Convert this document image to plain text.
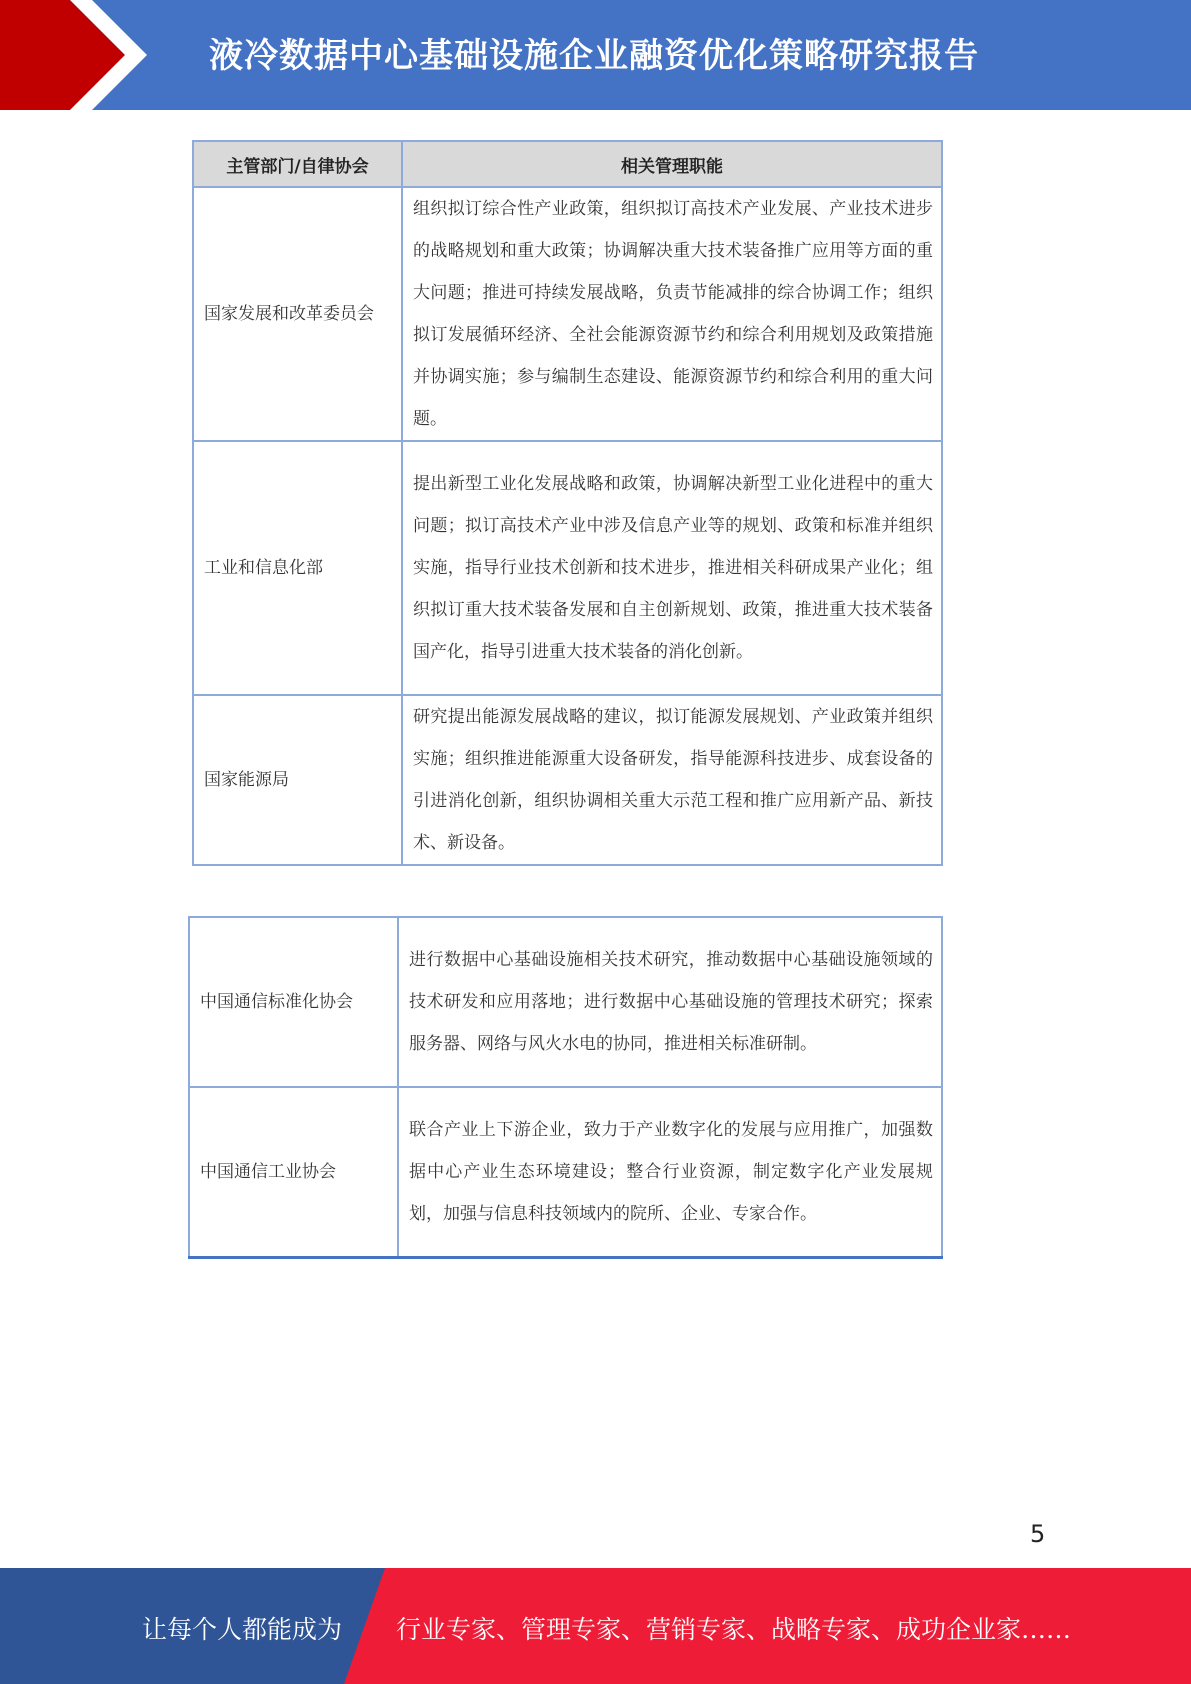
液冷数据中心基础设施企业融资优化策略研究报告
主管部门/自律协会	相关管理职能
国家发展和改革委员会	组织拟订综合性产业政策，组织拟订高技术产业发展、产业技术进步的战略规划和重大政策；协调解决重大技术装备推广应用等方面的重大问题；推进可持续发展战略，负责节能减排的综合协调工作；组织拟订发展循环经济、全社会能源资源节约和综合利用规划及政策措施并协调实施；参与编制生态建设、能源资源节约和综合利用的重大问题。
工业和信息化部	提出新型工业化发展战略和政策，协调解决新型工业化进程中的重大问题；拟订高技术产业中涉及信息产业等的规划、政策和标准并组织实施，指导行业技术创新和技术进步，推进相关科研成果产业化；组织拟订重大技术装备发展和自主创新规划、政策，推进重大技术装备国产化，指导引进重大技术装备的消化创新。
国家能源局	研究提出能源发展战略的建议，拟订能源发展规划、产业政策并组织实施；组织推进能源重大设备研发，指导能源科技进步、成套设备的引进消化创新，组织协调相关重大示范工程和推广应用新产品、新技术、新设备。
中国通信标准化协会	进行数据中心基础设施相关技术研究，推动数据中心基础设施领域的技术研发和应用落地；进行数据中心基础设施的管理技术研究；探索服务器、网络与风火水电的协同，推进相关标准研制。
中国通信工业协会	联合产业上下游企业，致力于产业数字化的发展与应用推广，加强数据中心产业生态环境建设；整合行业资源，制定数字化产业发展规划，加强与信息科技领域内的院所、企业、专家合作。
5
让每个人都能成为 行业专家、管理专家、营销专家、战略专家、成功企业家……
